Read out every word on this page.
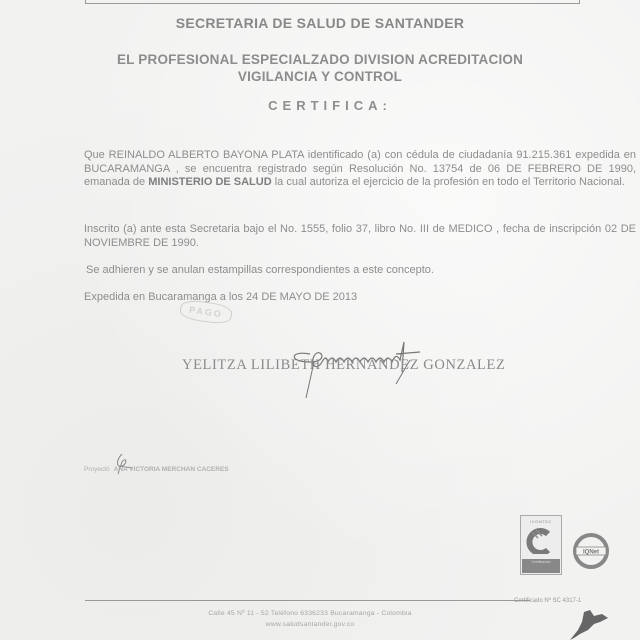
SECRETARIA DE SALUD DE SANTANDER
EL PROFESIONAL ESPECIALZADO DIVISION ACREDITACION
VIGILANCIA Y CONTROL
CERTIFICA:
Que REINALDO ALBERTO BAYONA PLATA identificado (a) con cédula de ciudadanía 91.215.361 expedida en BUCARAMANGA , se encuentra registrado según Resolución No. 13754 de 06 DE FEBRERO DE 1990, emanada de MINISTERIO DE SALUD la cual autoriza el ejercicio de la profesión en todo el Territorio Nacional.
Inscrito (a) ante esta Secretaria bajo el No. 1555, folio 37, libro No. III de MEDICO , fecha de inscripción 02 DE NOVIEMBRE DE 1990.
Se adhieren y se anulan estampillas correspondientes a este concepto.
Expedida en Bucaramanga a los 24 DE MAYO DE 2013
PAGO
YELITZA LILIBETH HERNANDEZ GONZALEZ
Proyectó ANA VICTORIA MERCHAN CACERES
ICONTEC
Certificación
IQNet
Certificado Nº SC 4317-1
Calle 45 Nº 11 - 52 Teléfono 6336233 Bucaramanga - Colombia
www.saludsantander.gov.co
